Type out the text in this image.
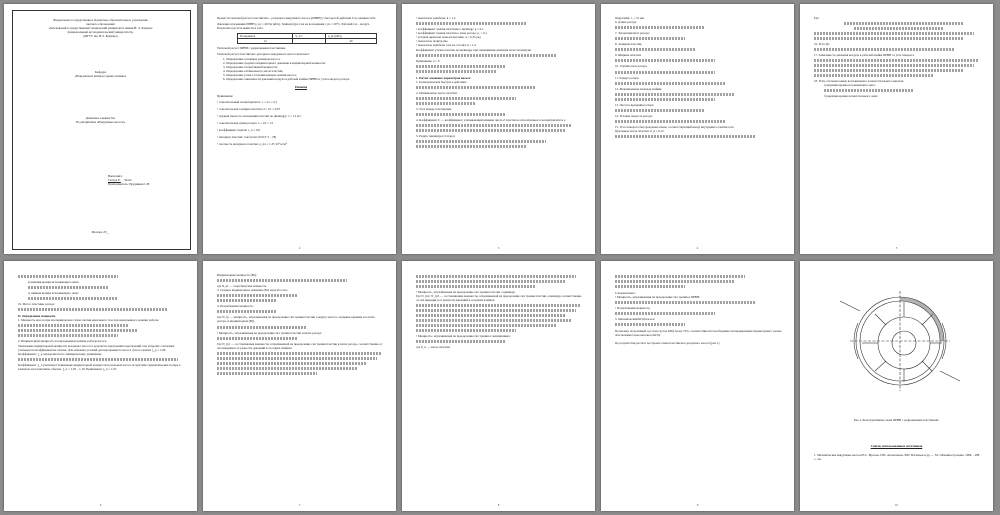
Федеральное государственное бюджетное образовательное учреждение

высшего образования

«Московский государственный технический университет имени Н. Э. Баумана

(национальный исследовательский университет)»

(МГТУ им. Н.Э. Баумана)

Кафедра

«Вакуумная и компрессорная техника»

Домашнее задание №1

По дисциплине «Вакуумные насосы»

Выполнил:

Ганчук Е. Э4-62

Преподаватель: Прудников С.Н.

Москва, 20__

Провести тепловой расчет пластинчато - роторного вакуумного насоса (ПРВН) с быстротой действия S по данным табл.

Давление всасывания ПРВН p_вс = 40 Па (кПа). Температура газа на всасывании t_вс = 20°С. Рабочий газ – воздух. Результаты расчета вывести в табл.

№ варианта	S, л/с	p_вс (кПа)
14		40

Тепловой расчет ПРВН с радиальными пластинами.

Тепловой расчет пластинчато-роторного вакуумного насоса включает:

1. Определение основных размеров насоса;

2. Определение среднего индикаторного давления и индикаторной мощности;

3. Определение потребляемой мощности;

4. Определение оптимального числа пластин;

5. Определение углов отсечения камеры окнами насоса;

6. Определение зависимости давления воздуха в рабочей ячейке ПРВН от угла поворота ротора.

Решение

Принимаем:

• относительный эксцентриситет: ε = e/r = 0,1

• относительная толщина пластин: δ̄ = δ/r = 0,07

• средняя скорость скольжения пластин по цилиндру: v = 12 м/с

• относительная длина ротора: λ = l/d = 1,5

• коэффициент подачи: λ_п = 0,9

• материал пластин: текстолит (ГОСТ 5 – 78)

• плотность материала пластин: ρ_пл = 1,35·10³ кг/м³

2

• показатель адиабаты: k = 1,4

• коэффициент трения пластины о цилиндр: μ = 0,1

• коэффициент трения пластин о пазы ротора: μ₁ = 0,1

• угловой диапазон окна нагнетания: φ = 0,35 рад

• показатель политропы

• показатель адиабаты газа из состава: k = 1,4

Коэффициент утечек пластин по цилиндру при смешивании давления полости вакуума

Принимаем: n = 0

1. Расчет основных параметров насоса:

1. Геометрическая быстрота действия:

2. Оптимальное число пластин:

3. Угол между пластинами:

4. Коэффициент С — коэффициент, учитывающий влияние числа Z пластин и относительного эксцентриситета ε:

5. Радиус цилиндра (статора):

3

Округляем: r₁ = 51 мм

6. Длина ротора:

7. Эксцентриситет ротора:

8. Толщина пластин:

9. Ширина пластин:

10. Глубина паза ротора:

11. Радиус ротора:

12. Максимальная площадь ячейки:

13. Частота вращения ротора:

14. Угловая скорость ротора:

15. Угол поворота быстроходных ячеек, соответствующий концу внутреннего сжатия газа:

При каком числе пластин: Z_n = 0,12

4

Где:

16. Угол 2β:

17. Зависимость давления воздуха в рабочей ячейке ПРВН от угла поворота

18. Углы отсечных камер всасывающего и нагнетательного каналов:

а) верхняя кромка всасывающего окна:

б) верхняя кромка нагнетательного окна:

5

в) нижняя кромка всасывающего окна:

г) нижняя кромка всасывающего окна:

19. Масса пластины ротора:

II. Определение мощности.

1. Мощность насоса при изотермическом сухом сжатии идеального газа для неразрывного режима работы:

2. Индикаторная мощность на неразрывном режиме работы насоса.

Увеличение индикаторной мощности реального насоса в результате внутренних перетечений газа и прочих слагаемых учитывается коэффициентом сжатия. Для обычных условий для неразрывного насоса сухого сжатия: ξ_р = 1,09.

Коэффициент: ξ_р определяется по эмпирическому уравнению:

Коэффициент: ξ_п учитывает повышение индикаторной мощности в реальном насосе вследствие гидравлических потерь в клапанах на нагнетании, обычно: ξ_п = 1,05 – 1,10. Принимаем: ξ_п = 1,05

6

Индикаторная мощность (Вт):

где N_ит — теоретическая мощность.

3. Среднее индикаторное давление (Вт) агрегата газа:

4. Потребляемая мощность:

Где N_тр — мощность, затрачиваемая на преодоление сил трения пластин о корпус насоса, торцевые крышки и в пазах ротора, и индикаторная (Вт).

• Мощность, затрачиваемая на преодоление сил трения пластин и пазах ротора:

Где N_тр1 — составляющая мощности, затрачиваемой на преодоление сил трения пластин в пазах ротора, соответственно от сил инерции и от разности давлений в соседних ячейках:

7

• Мощность, затрачиваемая на преодоление сил трения пластин о цилиндр:

Где N_тр2, N_тр3 — составляющие мощности, затрачиваемой на преодоление сил трения пластин о цилиндр соответственно от сил инерции и от разности давлений в соседних ячейках:

• Мощность, затрачиваемая на преодоление сил трения в подшипниках:

где Z_п — число пластин.

8

Следовательно:

• Мощность, затрачиваемая на преодоление сил трения в ПРВН:

• Потребляемая мощность:

5. Механический КПД насоса:

Поскольку полученный η в этом случае КПД более 70%, соответствие нет необходимости варьирования параметрами с целью обеспечения более высокого КПД.

По результатам расчета построена схема пластинчато-роторного насоса (рис.1)

9

Рис.1. Конструктивная схема ПРВН с радиальными пластинами.

Список использованных источников

1. Механические вакуумные насосы/Е.С. Фролов, И.В. Автономова, В.И. Васильев и др. — М.: Машиностроение, 1989. - 288 с.: ил.

10
